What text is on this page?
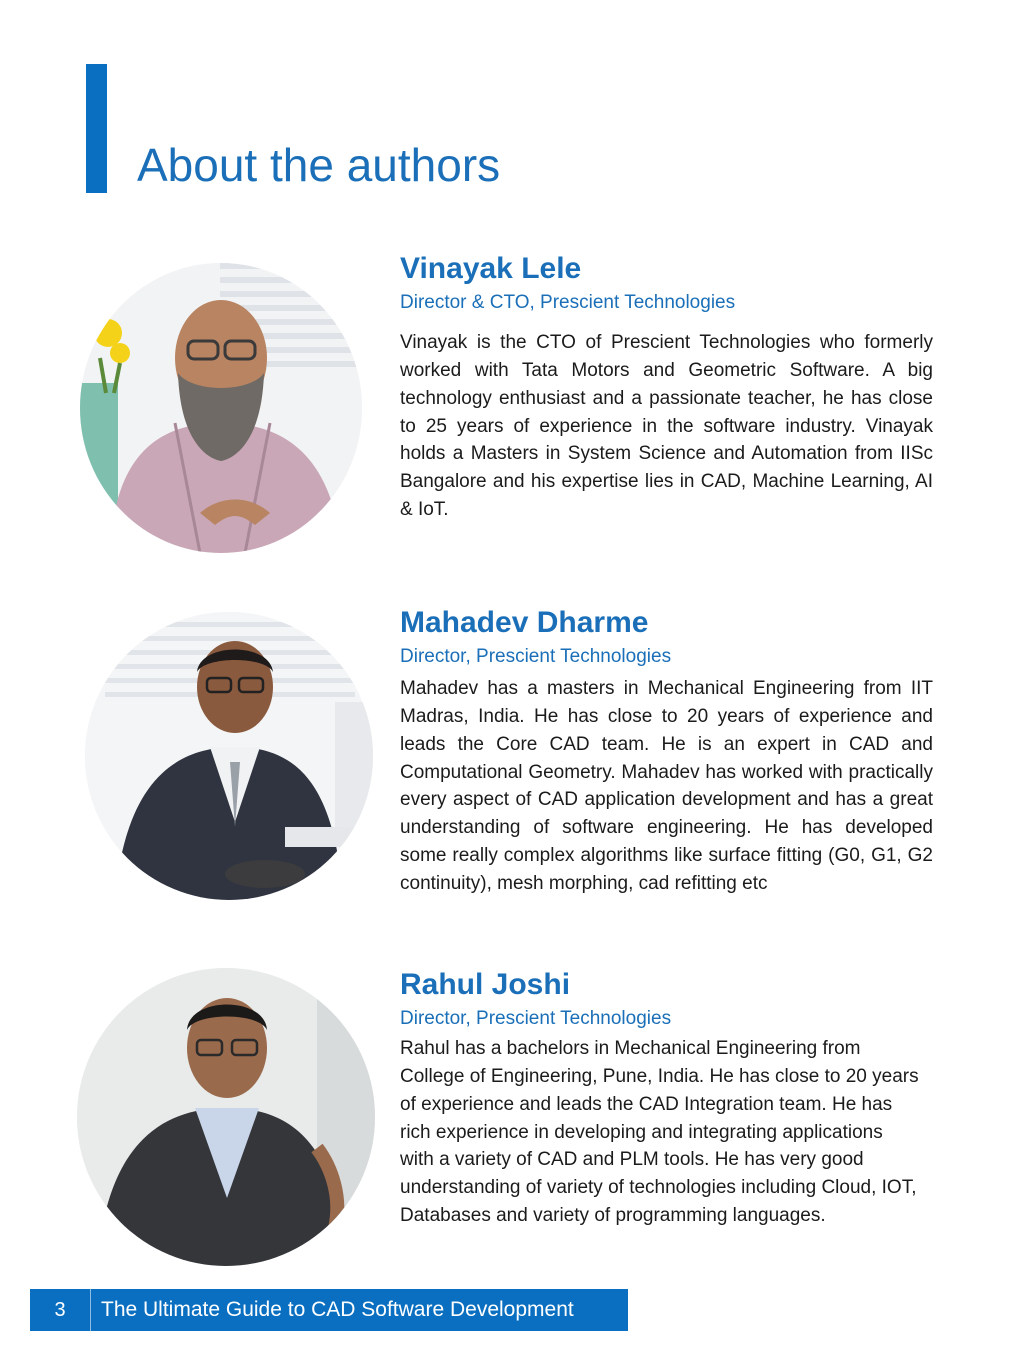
About the authors
Vinayak Lele

Director & CTO, Prescient Technologies

Vinayak is the CTO of Prescient Technologies who formerly worked with Tata Motors and Geometric Software. A big technology enthusiast and a passionate teacher, he has close to 25 years of experience in the software industry. Vinayak holds a Masters in System Science and Automation from IISc Bangalore and his expertise lies in CAD, Machine Learning, AI & IoT.

Mahadev Dharme

Director, Prescient Technologies

Mahadev has a masters in Mechanical Engineering from IIT Madras, India. He has close to 20 years of experience and leads the Core CAD team. He is an expert in CAD and Computational Geometry. Mahadev has worked with practically every aspect of CAD application development and has a great understanding of software engineering. He has developed some really complex algorithms like surface fitting (G0, G1, G2 continuity), mesh morphing, cad refitting etc

Rahul Joshi

Director, Prescient Technologies

Rahul has a bachelors in Mechanical Engineering from College of Engineering, Pune, India. He has close to 20 years of experience and leads the CAD Integration team. He has rich experience in developing and integrating applications with a variety of CAD and PLM tools. He has very good understanding of variety of technologies including Cloud, IOT, Databases and variety of programming languages.

3	The Ultimate Guide to CAD Software Development
